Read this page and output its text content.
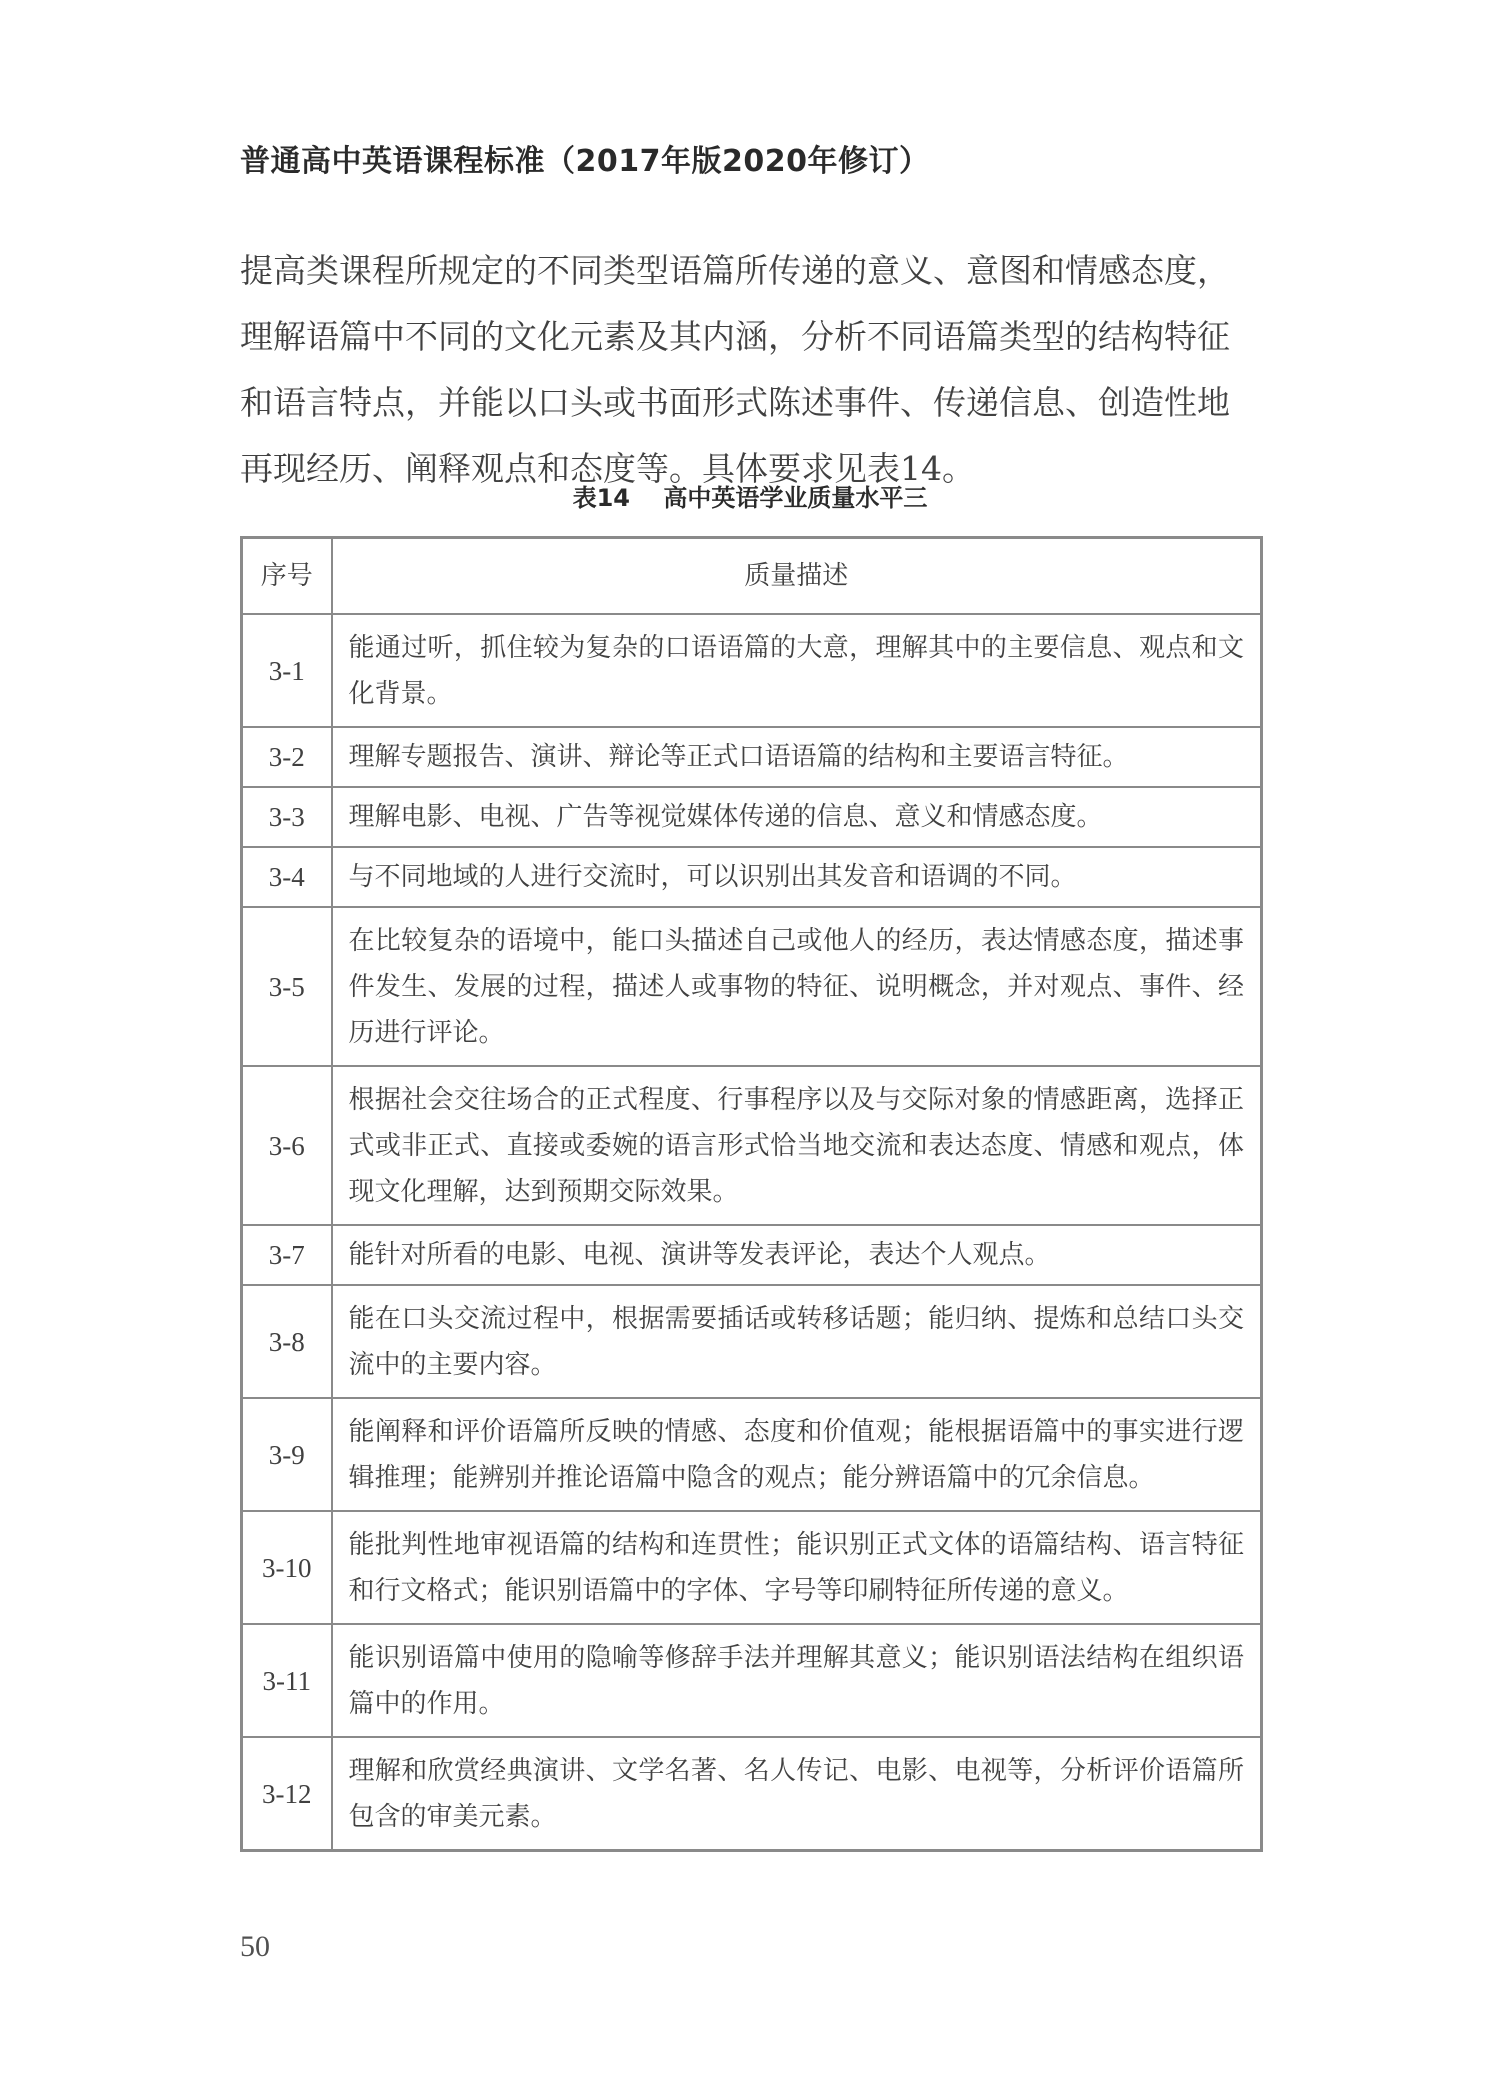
普通高中英语课程标准（2017年版2020年修订）
提高类课程所规定的不同类型语篇所传递的意义、意图和情感态度，
理解语篇中不同的文化元素及其内涵，分析不同语篇类型的结构特征
和语言特点，并能以口头或书面形式陈述事件、传递信息、创造性地
再现经历、阐释观点和态度等。具体要求见表14。
表14    高中英语学业质量水平三
序号	质量描述
3-1	能通过听，抓住较为复杂的口语语篇的大意，理解其中的主要信息、观点和文化背景。
3-2	理解专题报告、演讲、辩论等正式口语语篇的结构和主要语言特征。
3-3	理解电影、电视、广告等视觉媒体传递的信息、意义和情感态度。
3-4	与不同地域的人进行交流时，可以识别出其发音和语调的不同。
3-5	在比较复杂的语境中，能口头描述自己或他人的经历，表达情感态度，描述事件发生、发展的过程，描述人或事物的特征、说明概念，并对观点、事件、经历进行评论。
3-6	根据社会交往场合的正式程度、行事程序以及与交际对象的情感距离，选择正式或非正式、直接或委婉的语言形式恰当地交流和表达态度、情感和观点，体现文化理解，达到预期交际效果。
3-7	能针对所看的电影、电视、演讲等发表评论，表达个人观点。
3-8	能在口头交流过程中，根据需要插话或转移话题；能归纳、提炼和总结口头交流中的主要内容。
3-9	能阐释和评价语篇所反映的情感、态度和价值观；能根据语篇中的事实进行逻辑推理；能辨别并推论语篇中隐含的观点；能分辨语篇中的冗余信息。
3-10	能批判性地审视语篇的结构和连贯性；能识别正式文体的语篇结构、语言特征和行文格式；能识别语篇中的字体、字号等印刷特征所传递的意义。
3-11	能识别语篇中使用的隐喻等修辞手法并理解其意义；能识别语法结构在组织语篇中的作用。
3-12	理解和欣赏经典演讲、文学名著、名人传记、电影、电视等，分析评价语篇所包含的审美元素。
50
